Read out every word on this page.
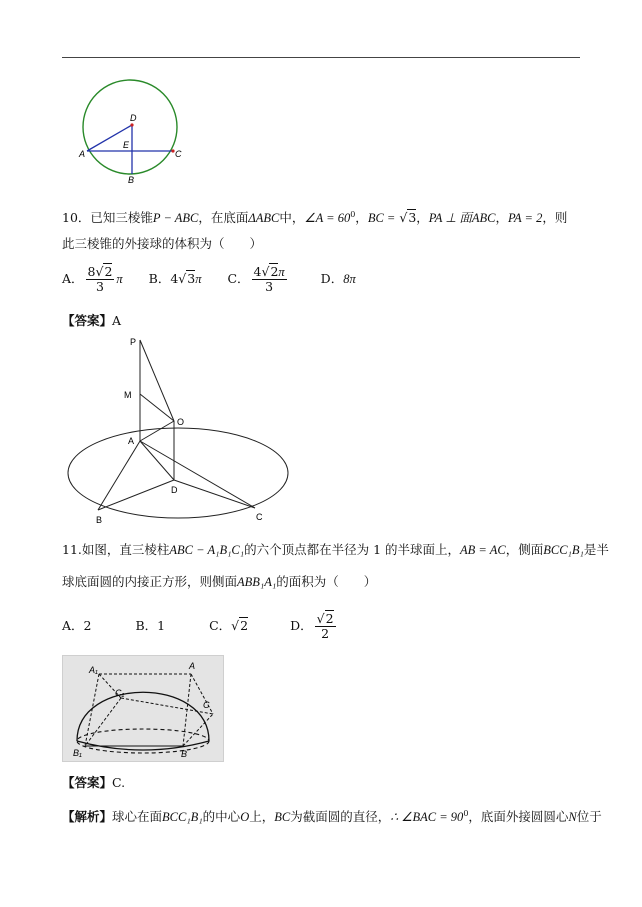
D
A
E
C
B
10．已知三棱锥P − ABC，在底面ΔABC中，∠A = $60^0$，BC = √3，PA ⊥ 面ABC，PA = 2，则
此三棱锥的外接球的体积为（　　）
A． $\frac{8√2}{3}$ π B．4√3π C． $\frac{4√2\pi}{3}$	D．8π
【答案】A
P
M
O
A
D
B	C
11.如图，直三棱柱ABC − A₁B₁C₁的六个顶点都在半径为 1 的半球面上，AB = AC，侧面BCC₁B₁是半
球底面圆的内接正方形，则侧面ABB₁A₁的面积为（　　）
A．2	B．1	C．√2	D． $\frac{√2}{2}$
A₁	A
C₁
C
B₁	B
【答案】C.
【解析】球心在面BCC₁B₁的中心O上，BC为截面圆的直径，∴ ∠BAC = $90^0$，底面外接圆圆心N位于
